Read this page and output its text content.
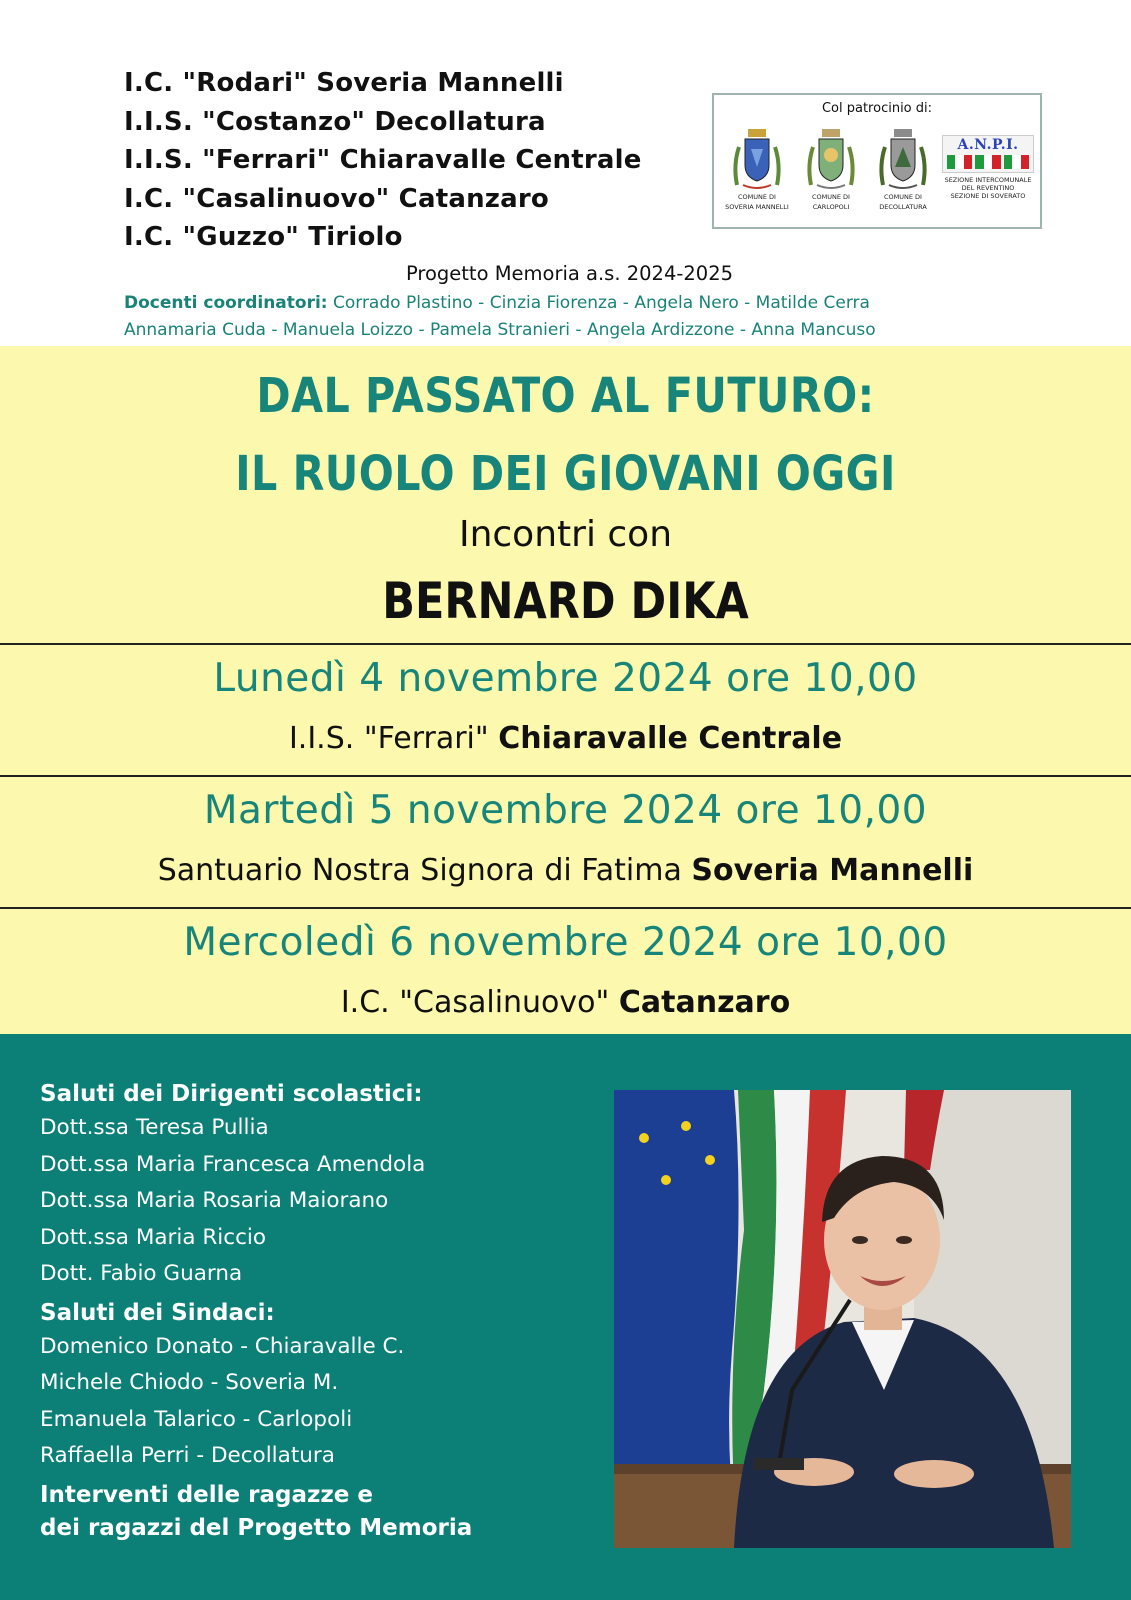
I.C. "Rodari" Soveria Mannelli
I.I.S. "Costanzo" Decollatura
I.I.S. "Ferrari" Chiaravalle Centrale
I.C. "Casalinuovo" Catanzaro
I.C. "Guzzo" Tiriolo
Col patrocinio di:
COMUNE DI
SOVERIA MANNELLI
COMUNE DI
CARLOPOLI
COMUNE DI
DECOLLATURA
A.N.P.I.
SEZIONE INTERCOMUNALE
DEL REVENTINO
SEZIONE DI SOVERATO
Progetto Memoria a.s. 2024-2025
Docenti coordinatori: Corrado Plastino - Cinzia Fiorenza - Angela Nero - Matilde Cerra
Annamaria Cuda - Manuela Loizzo - Pamela Stranieri - Angela Ardizzone - Anna Mancuso
DAL PASSATO AL FUTURO:
IL RUOLO DEI GIOVANI OGGI
Incontri con
BERNARD DIKA
Lunedì 4 novembre 2024 ore 10,00
I.I.S. "Ferrari" Chiaravalle Centrale
Martedì 5 novembre 2024 ore 10,00
Santuario Nostra Signora di Fatima Soveria Mannelli
Mercoledì 6 novembre 2024 ore 10,00
I.C. "Casalinuovo" Catanzaro
Saluti dei Dirigenti scolastici:
Dott.ssa Teresa Pullia
Dott.ssa Maria Francesca Amendola
Dott.ssa Maria Rosaria Maiorano
Dott.ssa Maria Riccio
Dott. Fabio Guarna
Saluti dei Sindaci:
Domenico Donato - Chiaravalle C.
Michele Chiodo - Soveria M.
Emanuela Talarico - Carlopoli
Raffaella Perri - Decollatura
Interventi delle ragazze e
dei ragazzi del Progetto Memoria
